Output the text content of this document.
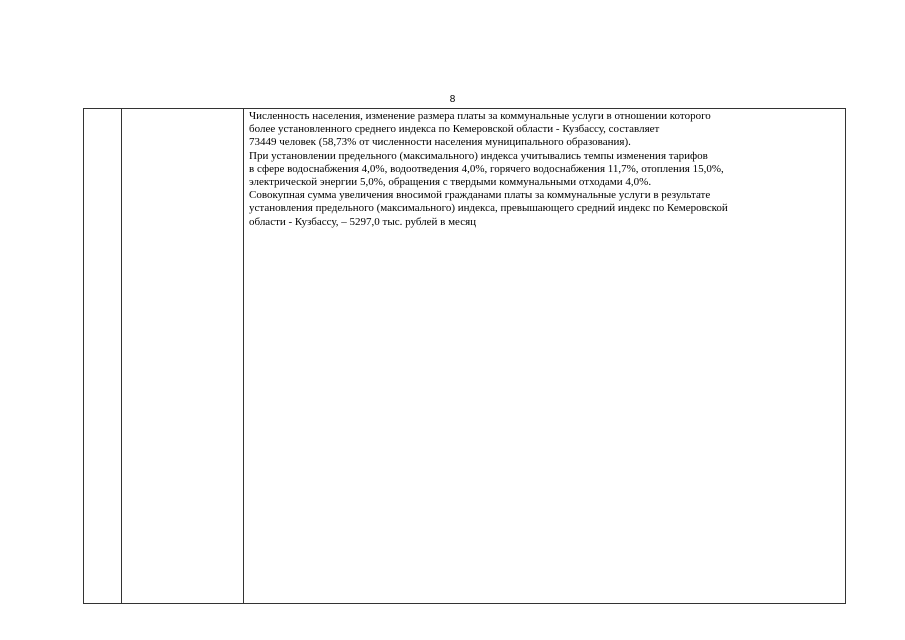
8

Численность населения, изменение размера платы за коммунальные услуги в отношении которого
более установленного среднего индекса по Кемеровской области - Кузбассу, составляет
73449 человек (58,73% от численности населения муниципального образования).

При установлении предельного (максимального) индекса учитывались темпы изменения тарифов
в сфере водоснабжения 4,0%, водоотведения 4,0%, горячего водоснабжения 11,7%, отопления 15,0%,
электрической энергии 5,0%, обращения с твердыми коммунальными отходами 4,0%.

Совокупная сумма увеличения вносимой гражданами платы за коммунальные услуги в результате
установления предельного (максимального) индекса, превышающего средний индекс по Кемеровской
области - Кузбассу, – 5297,0 тыс. рублей в месяц
